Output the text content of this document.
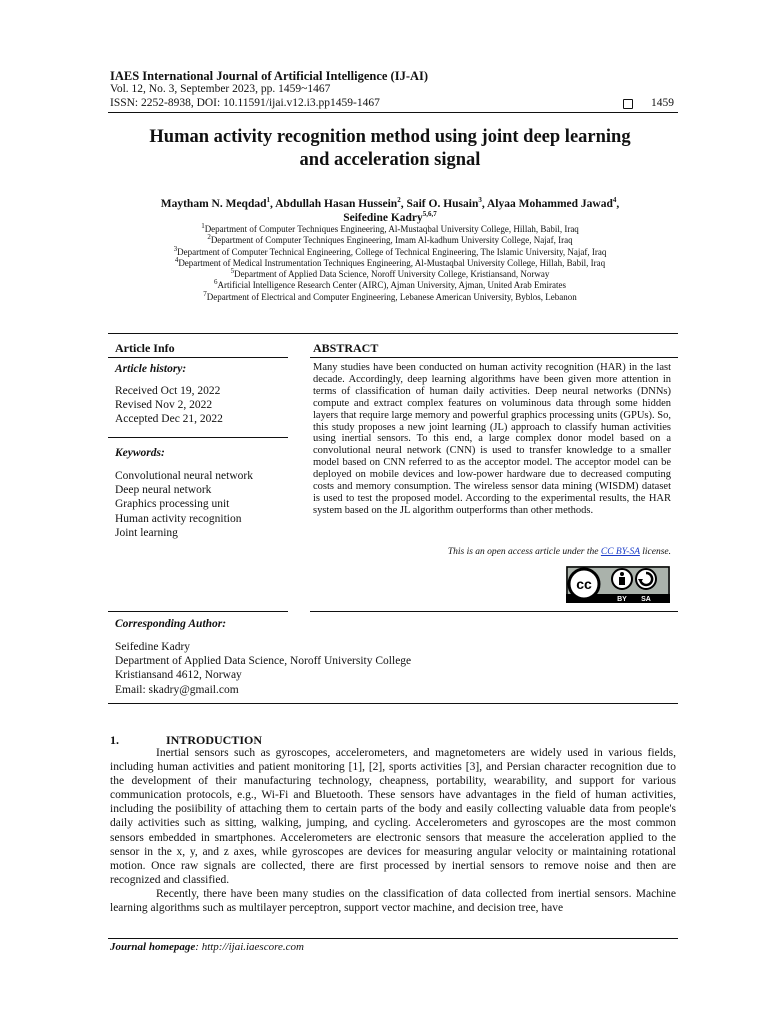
IAES International Journal of Artificial Intelligence (IJ-AI)
Vol. 12, No. 3, September 2023, pp. 1459~1467
ISSN: 2252-8938, DOI: 10.11591/ijai.v12.i3.pp1459-1467	1459
Human activity recognition method using joint deep learning
and acceleration signal
Maytham N. Meqdad$^1$, Abdullah Hasan Hussein$^2$, Saif O. Husain$^3$, Alyaa Mohammed Jawad$^4$,
Seifedine Kadry$^{5,6,7}$
$^1$Department of Computer Techniques Engineering, Al-Mustaqbal University College, Hillah, Babil, Iraq
$^2$Department of Computer Techniques Engineering, Imam Al-kadhum University College, Najaf, Iraq
$^3$Department of Computer Technical Engineering, College of Technical Engineering, The Islamic University, Najaf, Iraq
$^4$Department of Medical Instrumentation Techniques Engineering, Al-Mustaqbal University College, Hillah, Babil, Iraq
$^5$Department of Applied Data Science, Noroff University College, Kristiansand, Norway
$^6$Artificial Intelligence Research Center (AIRC), Ajman University, Ajman, United Arab Emirates
$^7$Department of Electrical and Computer Engineering, Lebanese American University, Byblos, Lebanon
Article Info	ABSTRACT
Article history:
Received Oct 19, 2022
Revised Nov 2, 2022
Accepted Dec 21, 2022
Keywords:
Convolutional neural network
Deep neural network
Graphics processing unit
Human activity recognition
Joint learning
Many studies have been conducted on human activity recognition (HAR) in the last decade. Accordingly, deep learning algorithms have been given more attention in terms of classification of human daily activities. Deep neural networks (DNNs) compute and extract complex features on voluminous data through some hidden layers that require large memory and powerful graphics processing units (GPUs). So, this study proposes a new joint learning (JL) approach to classify human activities using inertial sensors. To this end, a large complex donor model based on a convolutional neural network (CNN) is used to transfer knowledge to a smaller model based on CNN referred to as the acceptor model. The acceptor model can be deployed on mobile devices and low-power hardware due to decreased computing costs and memory consumption. The wireless sensor data mining (WISDM) dataset is used to test the proposed model. According to the experimental results, the HAR system based on the JL algorithm outperforms than other methods.
This is an open access article under the CC BY-SA license.
cc
BY SA
Corresponding Author:
Seifedine Kadry
Department of Applied Data Science, Noroff University College
Kristiansand 4612, Norway
Email: skadry@gmail.com
1.	INTRODUCTION
Inertial sensors such as gyroscopes, accelerometers, and magnetometers are widely used in various fields, including human activities and patient monitoring [1], [2], sports activities [3], and Persian character recognition due to the development of their manufacturing technology, cheapness, portability, wearability, and support for various communication protocols, e.g., Wi-Fi and Bluetooth. These sensors have advantages in the field of human activities, including the posiibility of attaching them to certain parts of the body and easily collecting valuable data from people's daily activities such as sitting, walking, jumping, and cycling. Accelerometers and gyroscopes are the most common sensors embedded in smartphones. Accelerometers are electronic sensors that measure the acceleration applied to the sensor in the x, y, and z axes, while gyroscopes are devices for measuring angular velocity or maintaining rotational motion. Once raw signals are collected, there are first processed by inertial sensors to remove noise and then are recognized and classified.
Recently, there have been many studies on the classification of data collected from inertial sensors. Machine learning algorithms such as multilayer perceptron, support vector machine, and decision tree, have
Journal homepage: http://ijai.iaescore.com
